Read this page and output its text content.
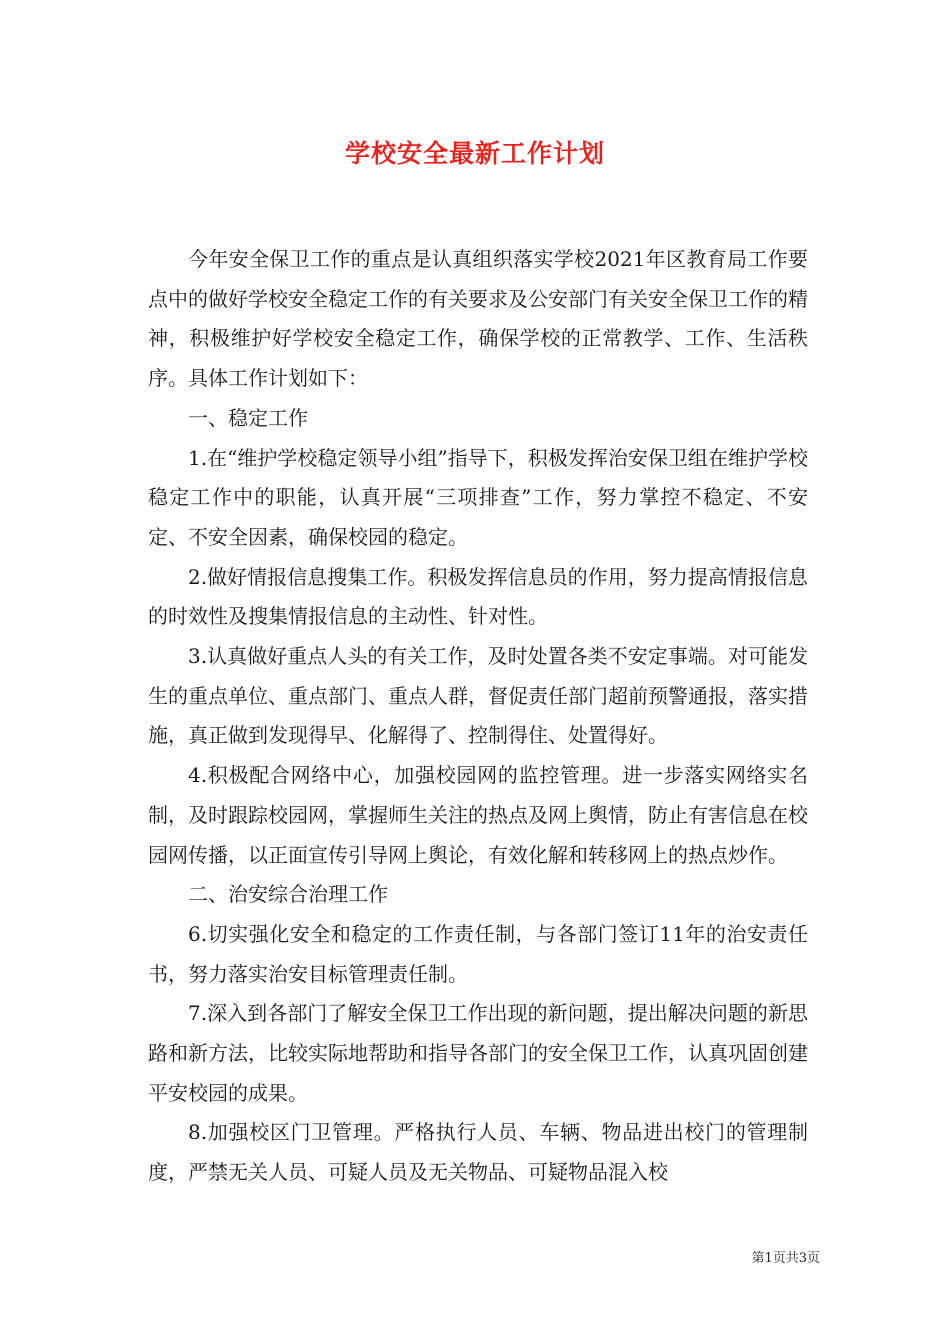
学校安全最新工作计划

今年安全保卫工作的重点是认真组织落实学校2021年区教育局工作要点中的做好学校安全稳定工作的有关要求及公安部门有关安全保卫工作的精神，积极维护好学校安全稳定工作，确保学校的正常教学、工作、生活秩序。具体工作计划如下：

一、稳定工作

1.在“维护学校稳定领导小组”指导下，积极发挥治安保卫组在维护学校稳定工作中的职能，认真开展“三项排查”工作，努力掌控不稳定、不安定、不安全因素，确保校园的稳定。

2.做好情报信息搜集工作。积极发挥信息员的作用，努力提高情报信息的时效性及搜集情报信息的主动性、针对性。

3.认真做好重点人头的有关工作，及时处置各类不安定事端。对可能发生的重点单位、重点部门、重点人群，督促责任部门超前预警通报，落实措施，真正做到发现得早、化解得了、控制得住、处置得好。

4.积极配合网络中心，加强校园网的监控管理。进一步落实网络实名制，及时跟踪校园网，掌握师生关注的热点及网上舆情，防止有害信息在校园网传播，以正面宣传引导网上舆论，有效化解和转移网上的热点炒作。

二、治安综合治理工作

6.切实强化安全和稳定的工作责任制，与各部门签订11年的治安责任书，努力落实治安目标管理责任制。

7.深入到各部门了解安全保卫工作出现的新问题，提出解决问题的新思路和新方法，比较实际地帮助和指导各部门的安全保卫工作，认真巩固创建平安校园的成果。

8.加强校区门卫管理。严格执行人员、车辆、物品进出校门的管理制度，严禁无关人员、可疑人员及无关物品、可疑物品混入校

第1页共3页
